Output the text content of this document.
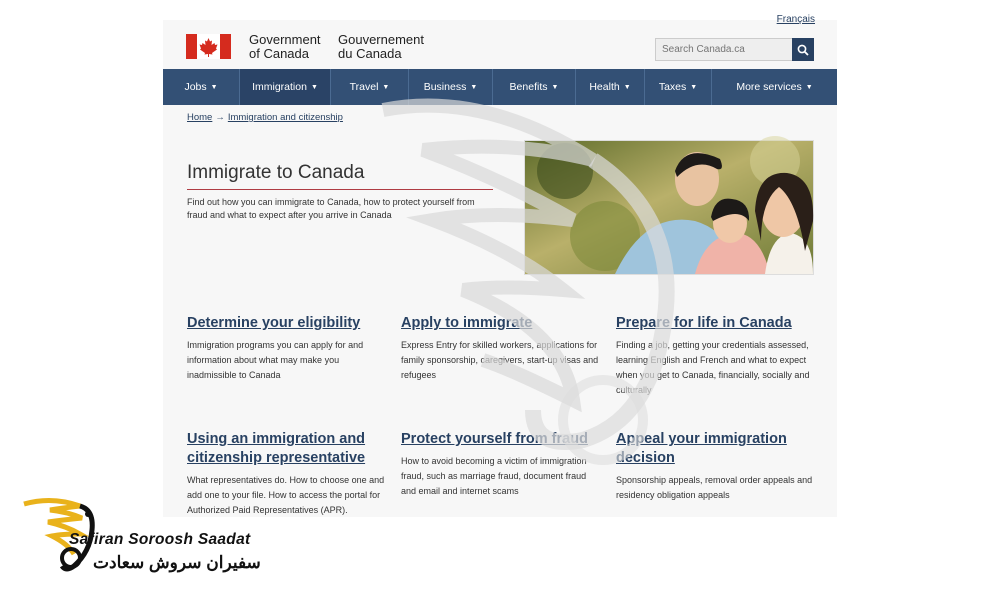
Français
Government
of Canada
Gouvernement
du Canada
Search Canada.ca
Jobs ▼	Immigration ▼	Travel ▼	Business ▼	Benefits ▼	Health ▼	Taxes ▼	More services ▼
Home → Immigration and citizenship
Immigrate to Canada
Find out how you can immigrate to Canada, how to protect yourself from fraud and what to expect after you arrive in Canada
Determine your eligibility

Immigration programs you can apply for and information about what may make you inadmissible to Canada

Apply to immigrate

Express Entry for skilled workers, applications for family sponsorship, caregivers, start-up visas and refugees

Prepare for life in Canada

Finding a job, getting your credentials assessed, learning English and French and what to expect when you get to Canada, financially, socially and culturally

Using an immigration and citizenship representative

What representatives do. How to choose one and add one to your file. How to access the portal for Authorized Paid Representatives (APR).

Protect yourself from fraud

How to avoid becoming a victim of immigration fraud, such as marriage fraud, document fraud and email and internet scams

Appeal your immigration decision

Sponsorship appeals, removal order appeals and residency obligation appeals

Safiran Soroosh Saadat
سفیران سروش سعادت
